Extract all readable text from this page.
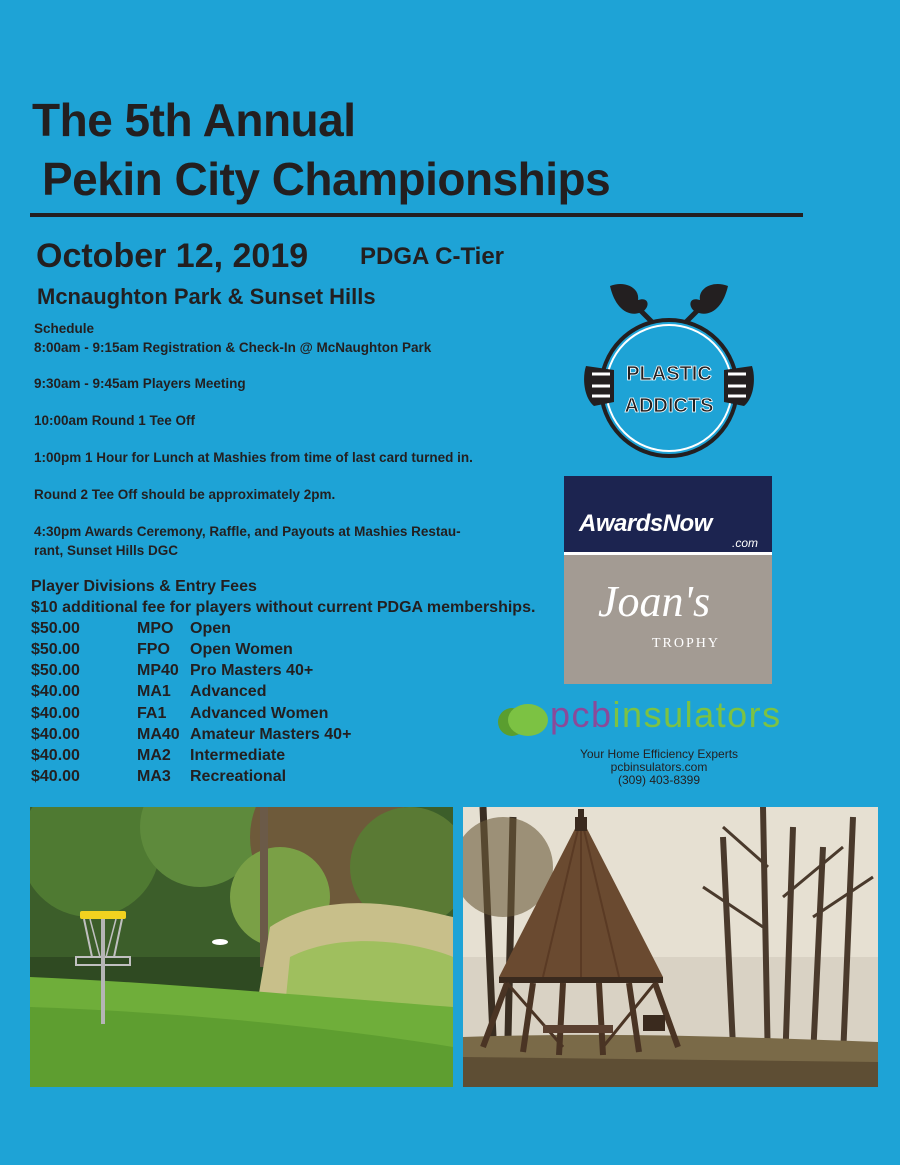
The 5th Annual
Pekin City Championships
October 12, 2019 PDGA C-Tier
Mcnaughton Park & Sunset Hills
Schedule
8:00am - 9:15am Registration & Check-In @ McNaughton Park
9:30am - 9:45am Players Meeting
10:00am Round 1 Tee Off
1:00pm 1 Hour for Lunch at Mashies from time of last card turned in.
Round 2 Tee Off should be approximately 2pm.
4:30pm Awards Ceremony, Raffle, and Payouts at Mashies Restau-
rant, Sunset Hills DGC
Player Divisions & Entry Fees
$10 additional fee for players without current PDGA memberships.
$50.00	MPO Open
$50.00	FPO Open Women
$50.00	MP40 Pro Masters 40+
$40.00	MA1 Advanced
$40.00	FA1 Advanced Women
$40.00	MA40 Amateur Masters 40+
$40.00	MA2 Intermediate
$40.00	MA3 Recreational
PLASTIC
ADDICTS
AwardsNow
.com
Joan's
TROPHY
pcbinsulators
Your Home Efficiency Experts
pcbinsulators.com
(309) 403-8399
